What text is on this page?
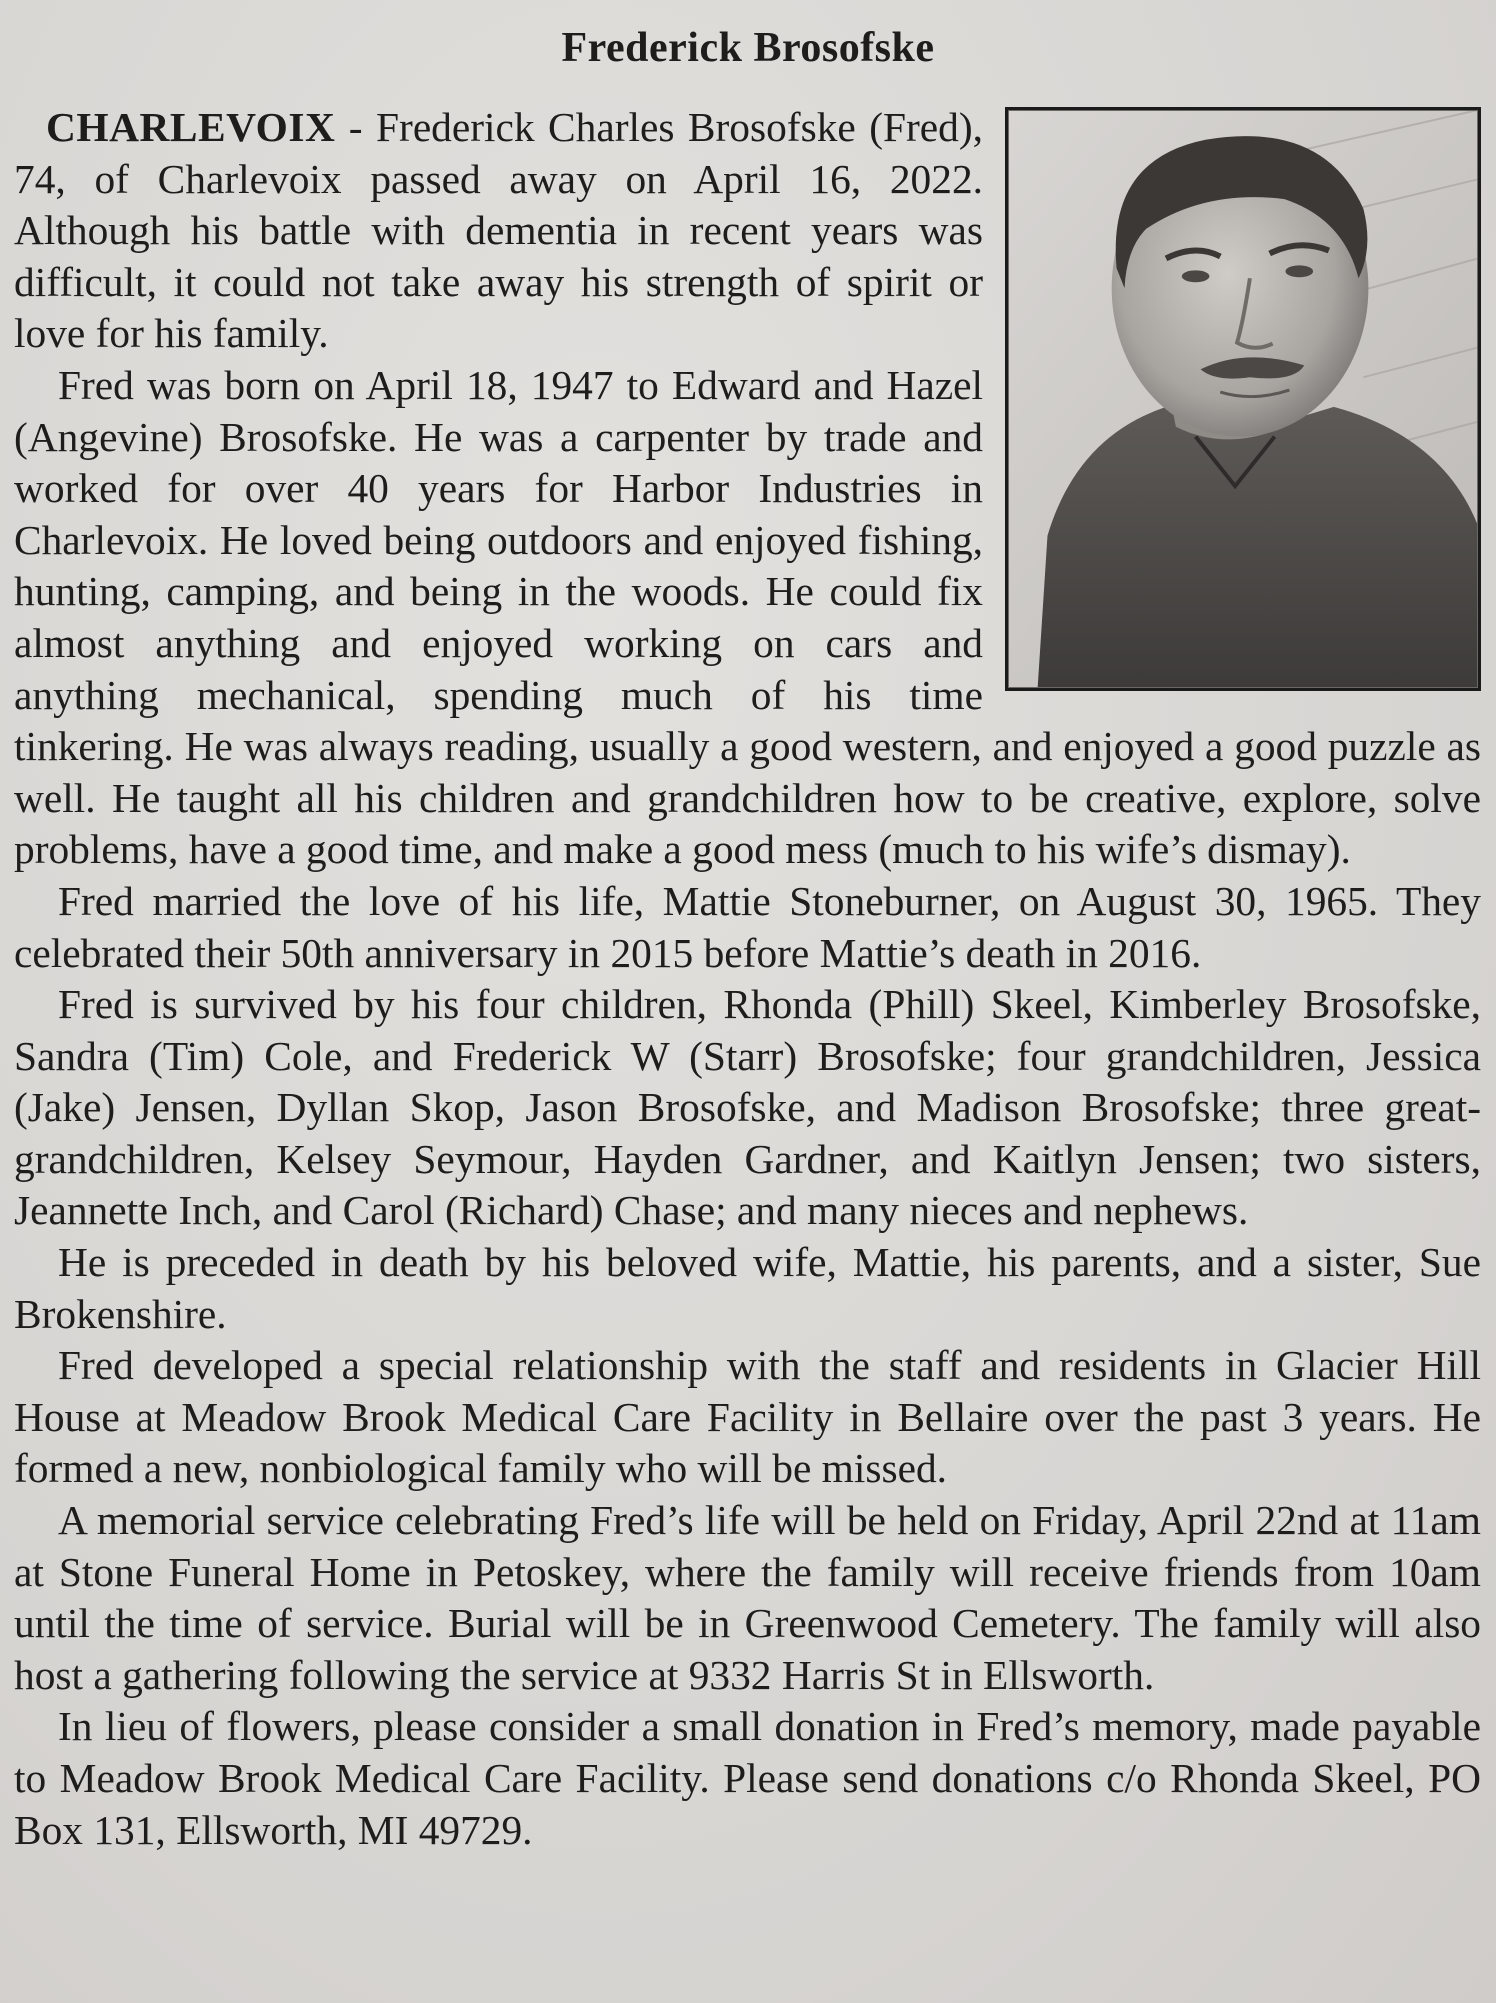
Frederick Brosofske

CHARLEVOIX - Frederick Charles Brosofske (Fred), 74, of Charlevoix passed away on April 16, 2022. Although his battle with dementia in recent years was difficult, it could not take away his strength of spirit or love for his family.

Fred was born on April 18, 1947 to Edward and Hazel (Angevine) Brosofske. He was a carpenter by trade and worked for over 40 years for Harbor Industries in Charlevoix. He loved being outdoors and enjoyed fishing, hunting, camping, and being in the woods. He could fix almost anything and enjoyed working on cars and anything mechanical, spending much of his time tinkering. He was always reading, usually a good western, and enjoyed a good puzzle as well. He taught all his children and grandchildren how to be creative, explore, solve problems, have a good time, and make a good mess (much to his wife’s dismay).

Fred married the love of his life, Mattie Stoneburner, on August 30, 1965. They celebrated their 50th anniversary in 2015 before Mattie’s death in 2016.

Fred is survived by his four children, Rhonda (Phill) Skeel, Kimberley Brosofske, Sandra (Tim) Cole, and Frederick W (Starr) Brosofske; four grandchildren, Jessica (Jake) Jensen, Dyllan Skop, Jason Brosofske, and Madison Brosofske; three great-grandchildren, Kelsey Seymour, Hayden Gardner, and Kaitlyn Jensen; two sisters, Jeannette Inch, and Carol (Richard) Chase; and many nieces and nephews.

He is preceded in death by his beloved wife, Mattie, his parents, and a sister, Sue Brokenshire.

Fred developed a special relationship with the staff and residents in Glacier Hill House at Meadow Brook Medical Care Facility in Bellaire over the past 3 years. He formed a new, nonbiological family who will be missed.

A memorial service celebrating Fred’s life will be held on Friday, April 22nd at 11am at Stone Funeral Home in Petoskey, where the family will receive friends from 10am until the time of service. Burial will be in Greenwood Cemetery. The family will also host a gathering following the service at 9332 Harris St in Ellsworth.

In lieu of flowers, please consider a small donation in Fred’s memory, made payable to Meadow Brook Medical Care Facility. Please send donations c/o Rhonda Skeel, PO Box 131, Ellsworth, MI 49729.
